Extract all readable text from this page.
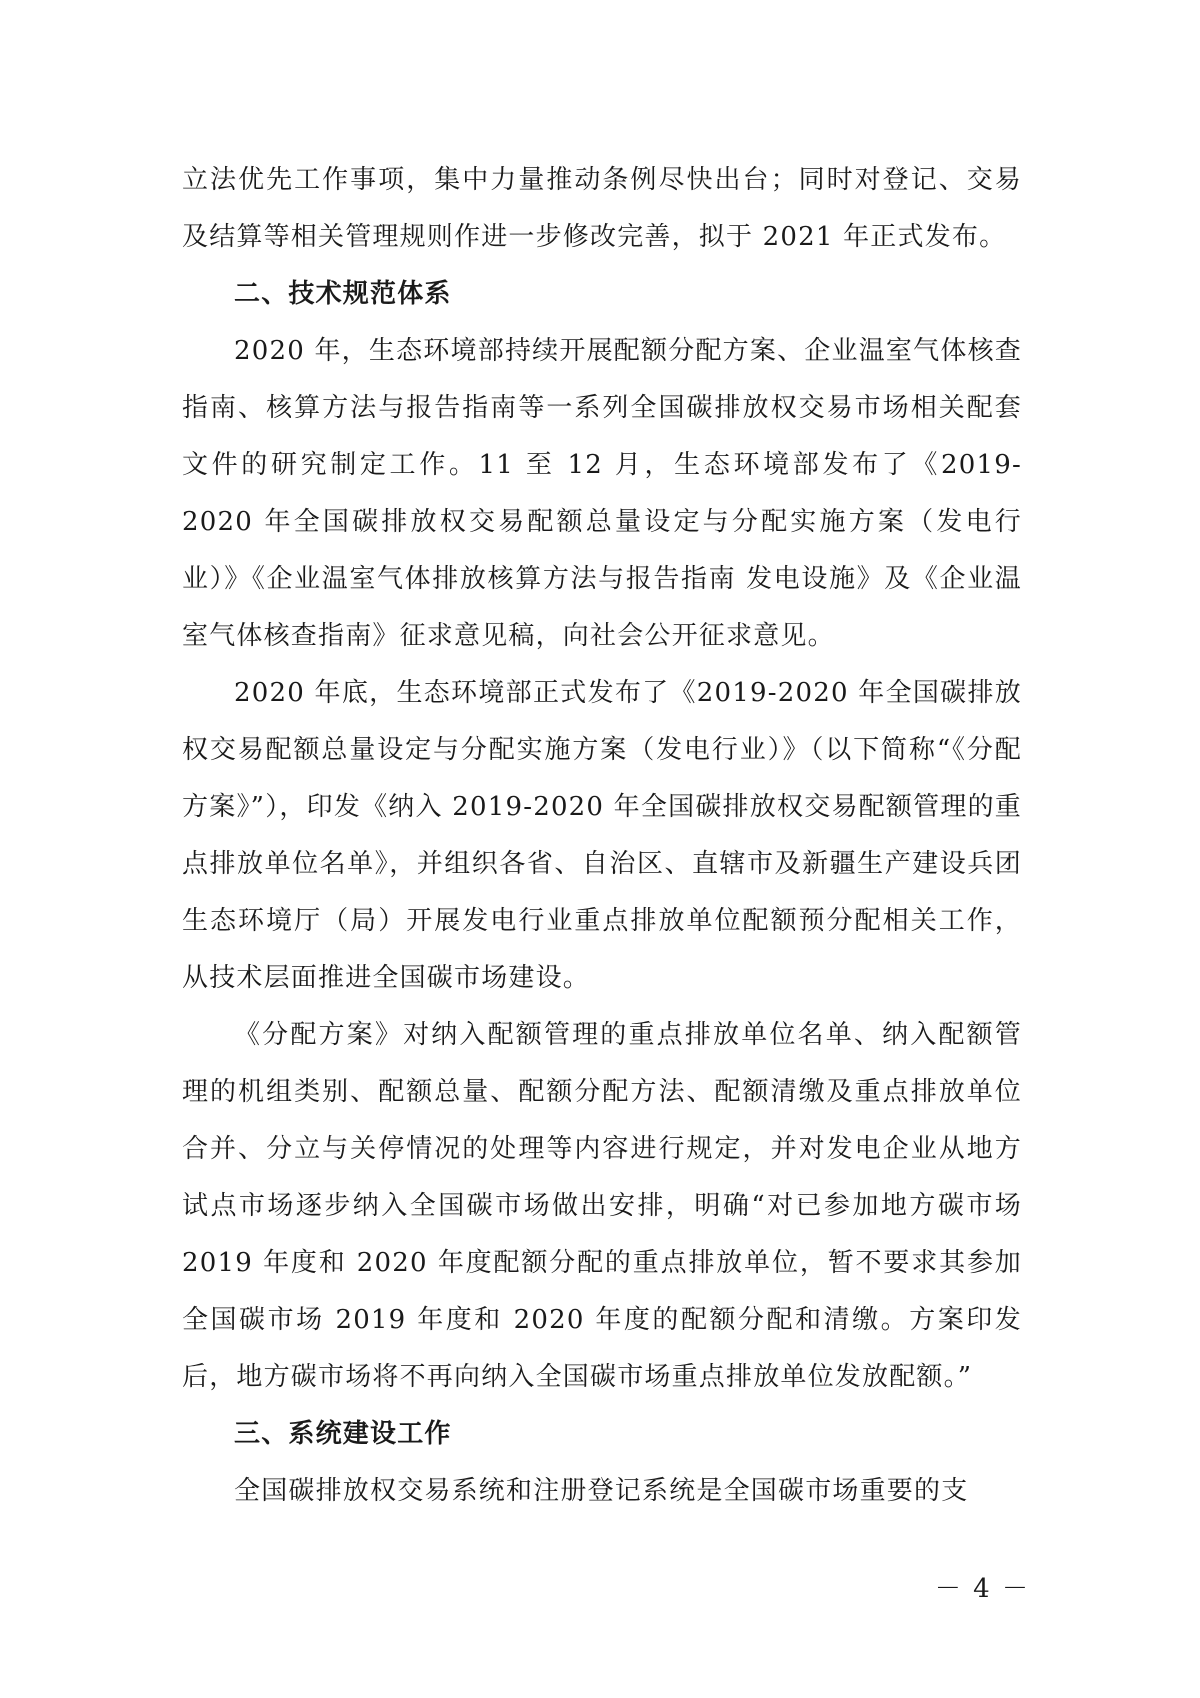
立法优先工作事项，集中力量推动条例尽快出台；同时对登记、交易及结算等相关管理规则作进一步修改完善，拟于 2021 年正式发布。

二、技术规范体系

2020 年，生态环境部持续开展配额分配方案、企业温室气体核查指南、核算方法与报告指南等一系列全国碳排放权交易市场相关配套文件的研究制定工作。11 至 12 月，生态环境部发布了《2019-2020 年全国碳排放权交易配额总量设定与分配实施方案（发电行业）》《企业温室气体排放核算方法与报告指南 发电设施》及《企业温室气体核查指南》征求意见稿，向社会公开征求意见。

2020 年底，生态环境部正式发布了《2019-2020 年全国碳排放权交易配额总量设定与分配实施方案（发电行业）》（以下简称“《分配方案》”），印发《纳入 2019-2020 年全国碳排放权交易配额管理的重点排放单位名单》，并组织各省、自治区、直辖市及新疆生产建设兵团生态环境厅（局）开展发电行业重点排放单位配额预分配相关工作，从技术层面推进全国碳市场建设。

《分配方案》对纳入配额管理的重点排放单位名单、纳入配额管理的机组类别、配额总量、配额分配方法、配额清缴及重点排放单位合并、分立与关停情况的处理等内容进行规定，并对发电企业从地方试点市场逐步纳入全国碳市场做出安排，明确“对已参加地方碳市场 2019 年度和 2020 年度配额分配的重点排放单位，暂不要求其参加全国碳市场 2019 年度和 2020 年度的配额分配和清缴。方案印发后，地方碳市场将不再向纳入全国碳市场重点排放单位发放配额。”

三、系统建设工作

全国碳排放权交易系统和注册登记系统是全国碳市场重要的支

－ 4 －
